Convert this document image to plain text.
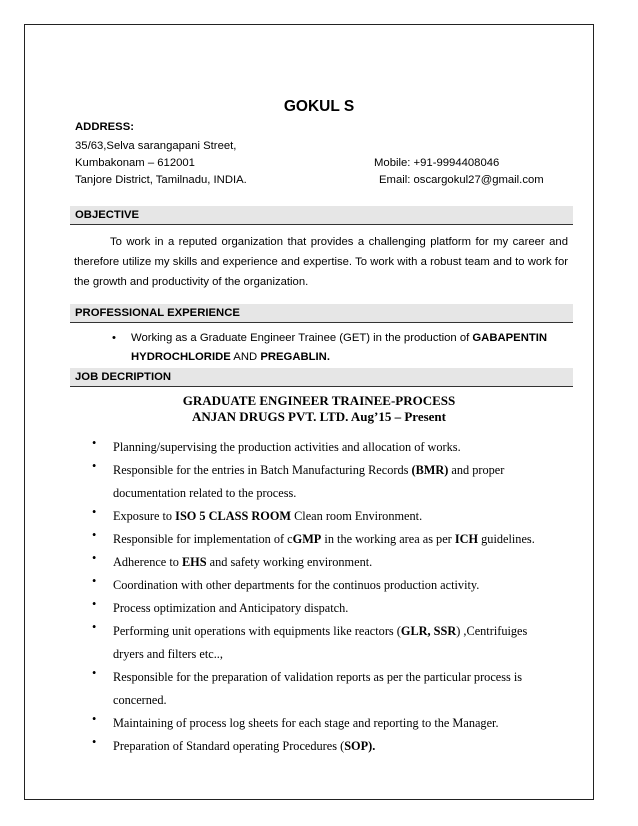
GOKUL S
ADDRESS:
35/63,Selva sarangapani Street,
Kumbakonam – 612001
Tanjore District, Tamilnadu, INDIA.
Mobile: +91-9994408046
Email: oscargokul27@gmail.com
OBJECTIVE
To work in a reputed organization that provides a challenging platform for my career and therefore utilize my skills and experience and expertise. To work with a robust team and to work for the growth and productivity of the organization.
PROFESSIONAL EXPERIENCE
• Working as a Graduate Engineer Trainee (GET) in the production of GABAPENTIN
HYDROCHLORIDE AND PREGABLIN.
JOB DECRIPTION
GRADUATE ENGINEER TRAINEE-PROCESS
ANJAN DRUGS PVT. LTD. Aug’15 – Present
• Planning/supervising the production activities and allocation of works.
• Responsible for the entries in Batch Manufacturing Records (BMR) and proper documentation related to the process.
• Exposure to ISO 5 CLASS ROOM Clean room Environment.
• Responsible for implementation of cGMP in the working area as per ICH guidelines.
• Adherence to EHS and safety working environment.
• Coordination with other departments for the continuos production activity.
• Process optimization and Anticipatory dispatch.
• Performing unit operations with equipments like reactors (GLR, SSR) ,Centrifuiges dryers and filters etc..,
• Responsible for the preparation of validation reports as per the particular process is concerned.
• Maintaining of process log sheets for each stage and reporting to the Manager.
• Preparation of Standard operating Procedures (SOP).
